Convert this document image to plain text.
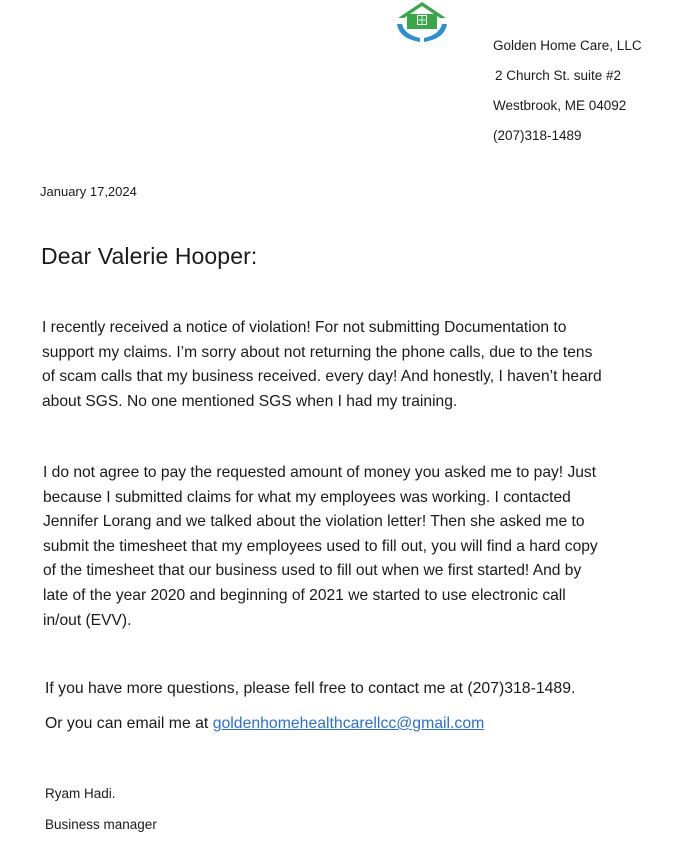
Golden Home Care, LLC
2 Church St. suite #2
Westbrook, ME 04092
(207)318-1489
January 17,2024
Dear Valerie Hooper:
I recently received a notice of violation! For not submitting Documentation to
support my claims. I’m sorry about not returning the phone calls, due to the tens
of scam calls that my business received. every day! And honestly, I haven’t heard
about SGS. No one mentioned SGS when I had my training.
I do not agree to pay the requested amount of money you asked me to pay! Just
because I submitted claims for what my employees was working. I contacted
Jennifer Lorang and we talked about the violation letter! Then she asked me to
submit the timesheet that my employees used to fill out, you will find a hard copy
of the timesheet that our business used to fill out when we first started! And by
late of the year 2020 and beginning of 2021 we started to use electronic call
in/out (EVV).
If you have more questions, please fell free to contact me at (207)318-1489.
Or you can email me at goldenhomehealthcarellcc@gmail.com
Ryam Hadi.
Business manager
